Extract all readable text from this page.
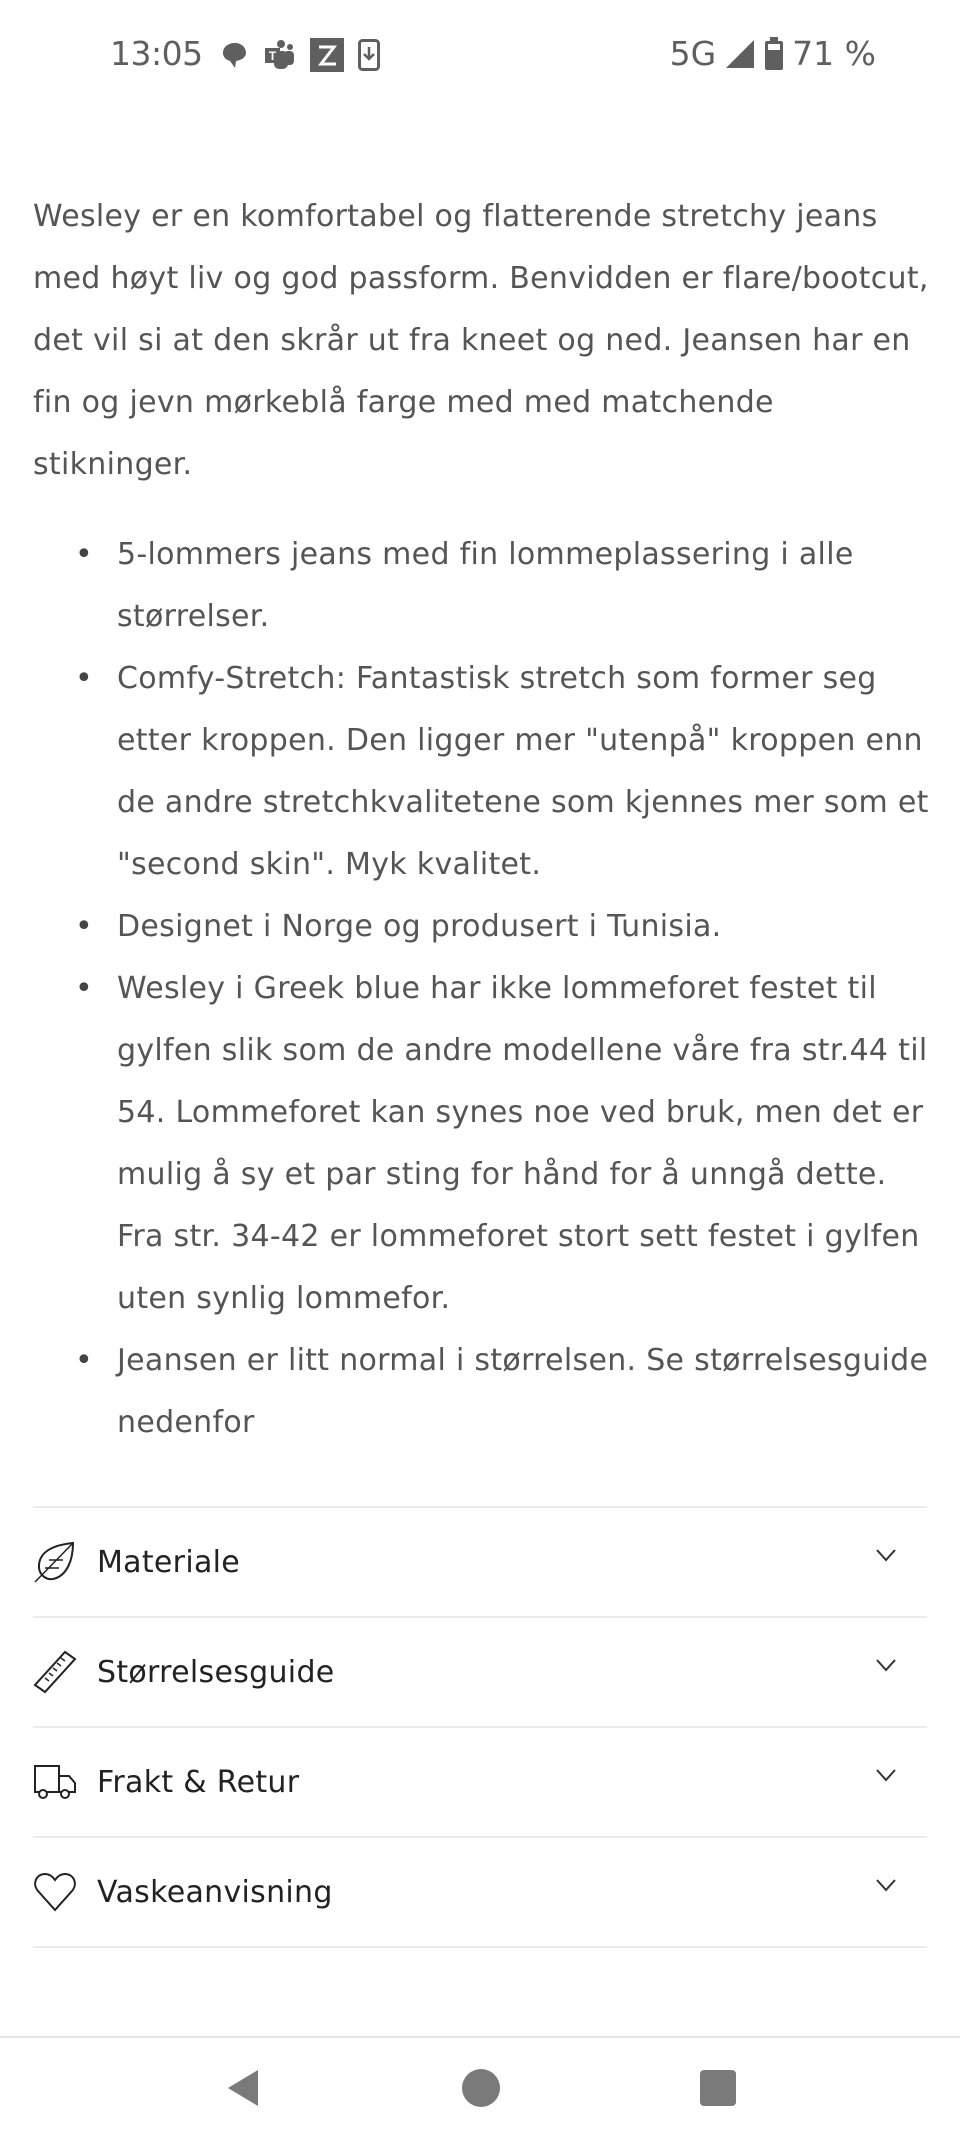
13:05	T	5G 71 %

Wesley er en komfortabel og flatterende stretchy jeans med høyt liv og god passform. Benvidden er flare/bootcut, det vil si at den skrår ut fra kneet og ned. Jeansen har en fin og jevn mørkeblå farge med med matchende stikninger.

• 5-lommers jeans med fin lommeplassering i alle størrelser.
• Comfy-Stretch: Fantastisk stretch som former seg etter kroppen. Den ligger mer "utenpå" kroppen enn de andre stretchkvalitetene som kjennes mer som et "second skin". Myk kvalitet.
• Designet i Norge og produsert i Tunisia.
• Wesley i Greek blue har ikke lommeforet festet til gylfen slik som de andre modellene våre fra str.44 til 54. Lommeforet kan synes noe ved bruk, men det er mulig å sy et par sting for hånd for å unngå dette. Fra str. 34-42 er lommeforet stort sett festet i gylfen uten synlig lommefor.
• Jeansen er litt normal i størrelsen. Se størrelsesguide nedenfor
Materiale
Størrelsesguide
Frakt & Retur
Vaskeanvisning
